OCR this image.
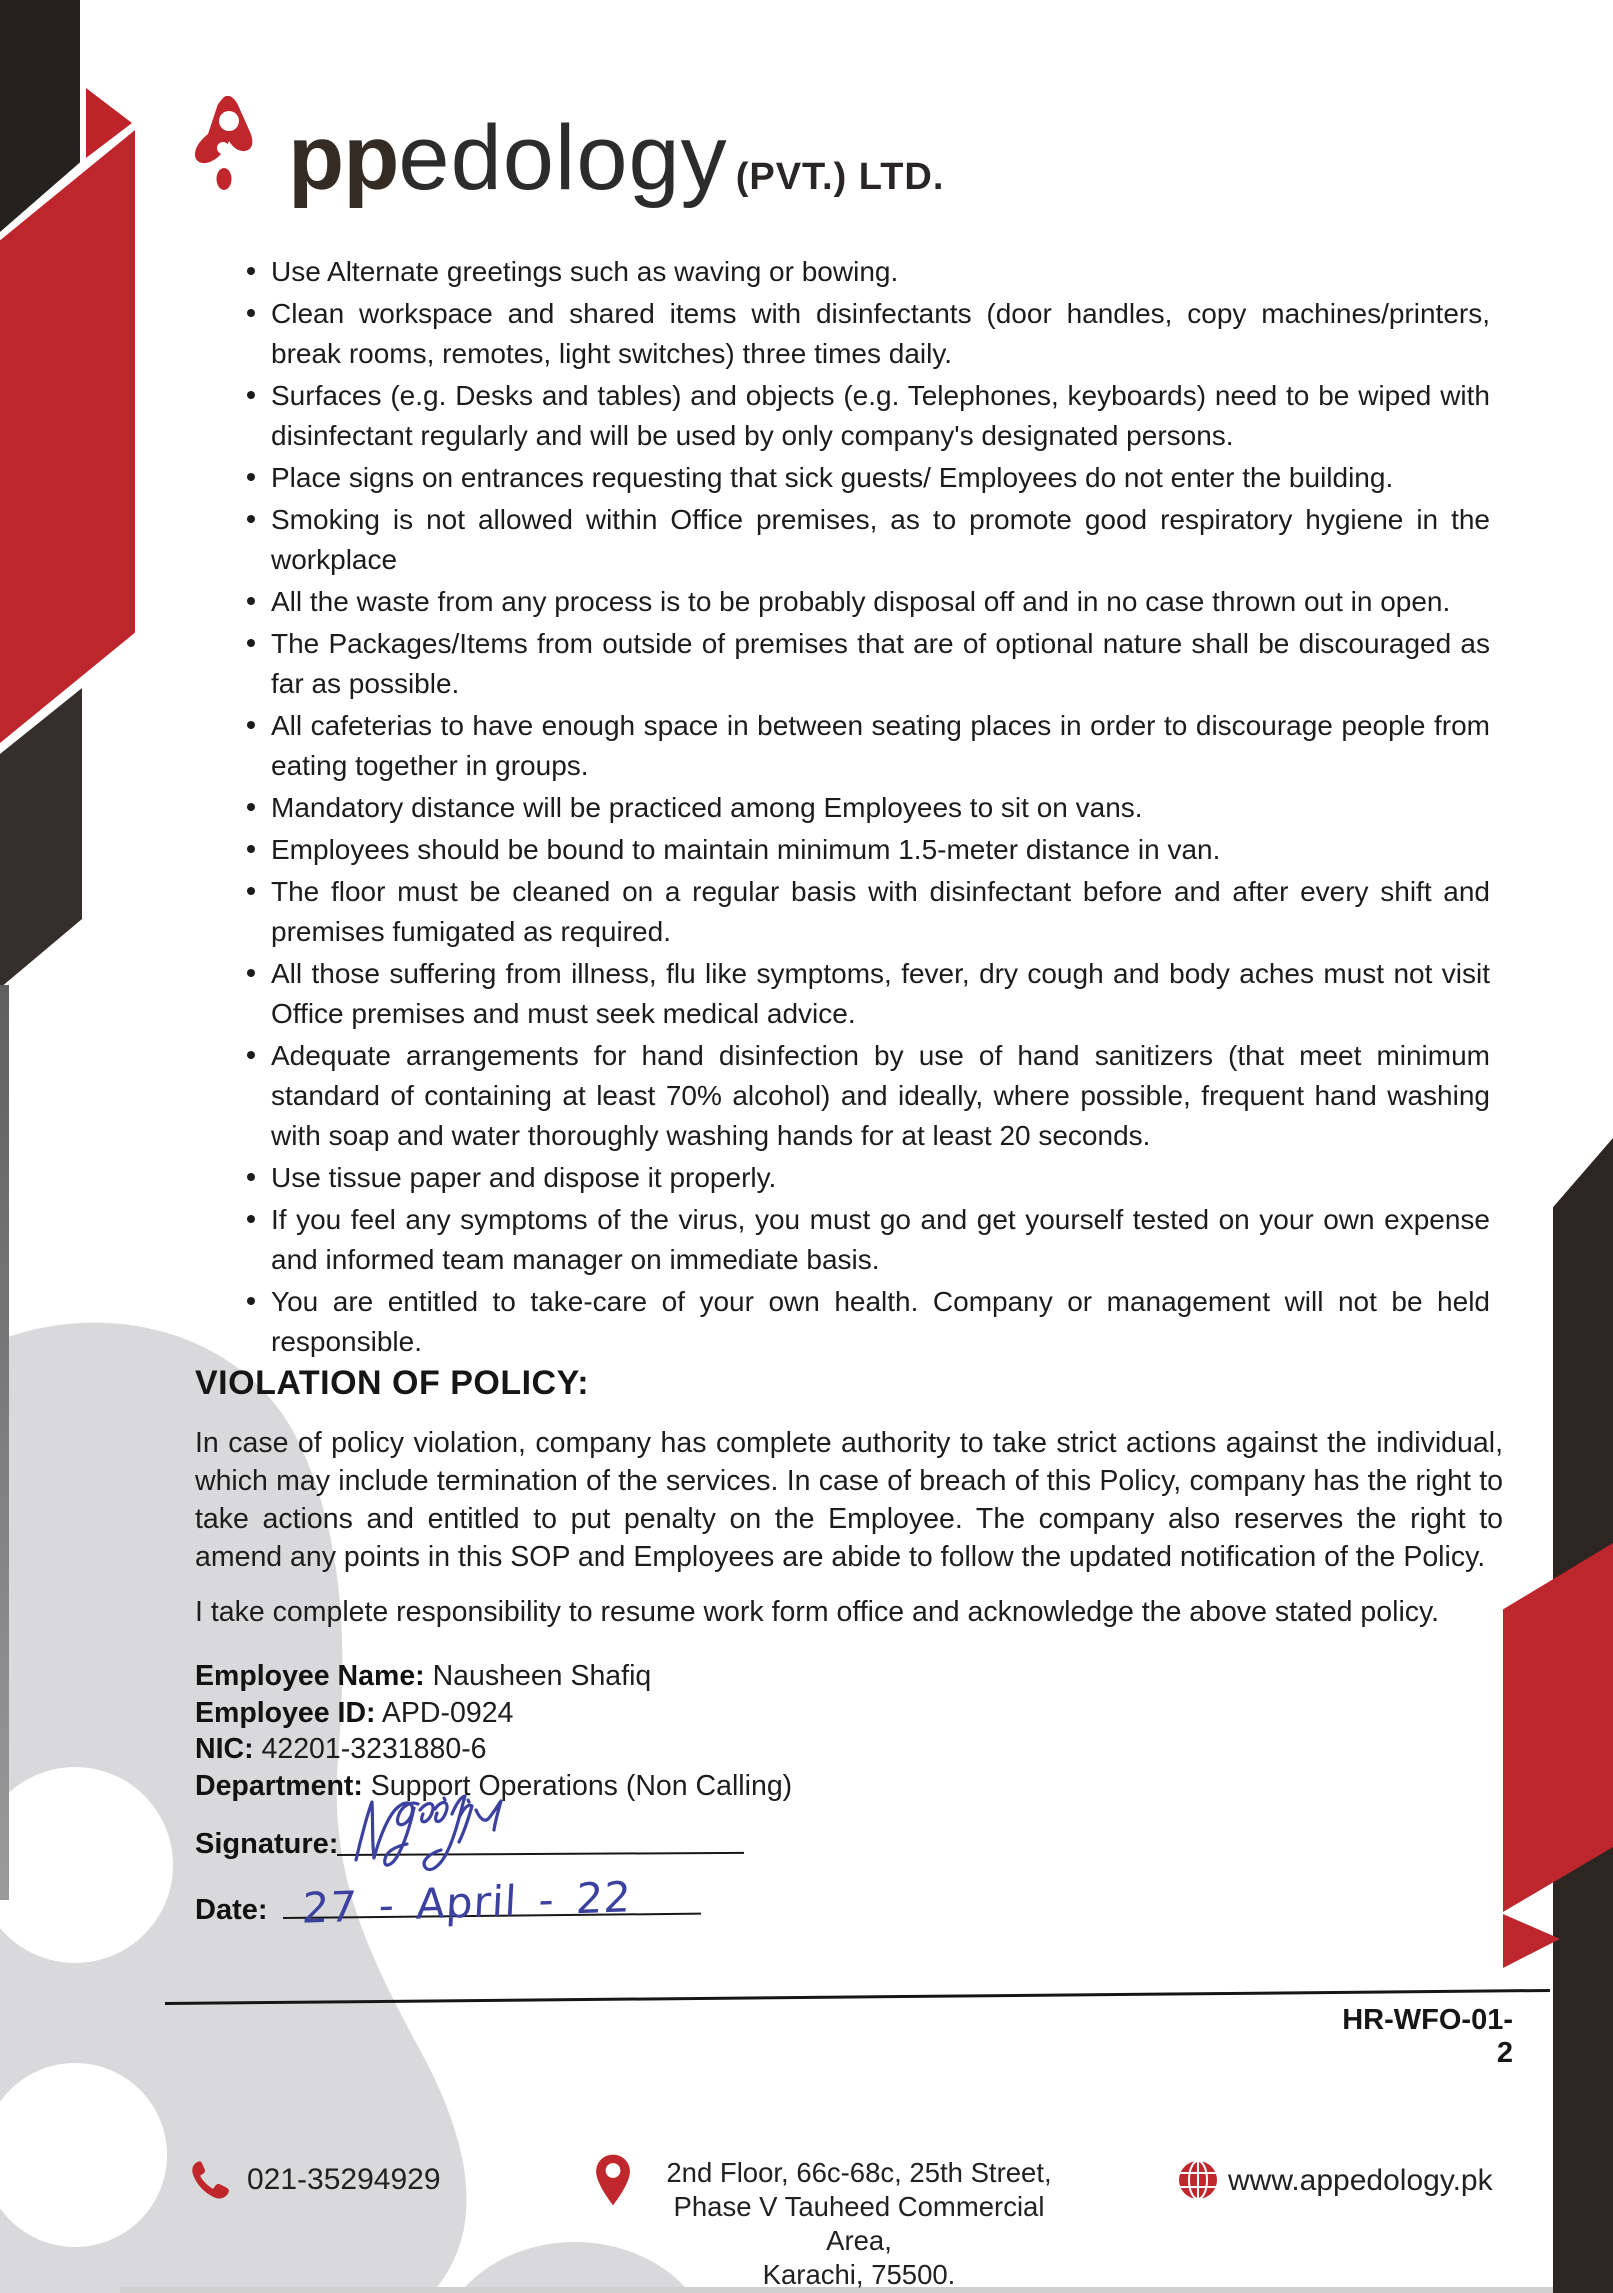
ppedology (PVT.) LTD.
Use Alternate greetings such as waving or bowing.
Clean workspace and shared items with disinfectants (door handles, copy machines/printers, break rooms, remotes, light switches) three times daily.
Surfaces (e.g. Desks and tables) and objects (e.g. Telephones, keyboards) need to be wiped with disinfectant regularly and will be used by only company's designated persons.
Place signs on entrances requesting that sick guests/ Employees do not enter the building.
Smoking is not allowed within Office premises, as to promote good respiratory hygiene in the workplace
All the waste from any process is to be probably disposal off and in no case thrown out in open.
The Packages/Items from outside of premises that are of optional nature shall be discouraged as far as possible.
All cafeterias to have enough space in between seating places in order to discourage people from eating together in groups.
Mandatory distance will be practiced among Employees to sit on vans.
Employees should be bound to maintain minimum 1.5-meter distance in van.
The floor must be cleaned on a regular basis with disinfectant before and after every shift and premises fumigated as required.
All those suffering from illness, flu like symptoms, fever, dry cough and body aches must not visit Office premises and must seek medical advice.
Adequate arrangements for hand disinfection by use of hand sanitizers (that meet minimum standard of containing at least 70% alcohol) and ideally, where possible, frequent hand washing with soap and water thoroughly washing hands for at least 20 seconds.
Use tissue paper and dispose it properly.
If you feel any symptoms of the virus, you must go and get yourself tested on your own expense and informed team manager on immediate basis.
You are entitled to take-care of your own health. Company or management will not be held responsible.
VIOLATION OF POLICY:
In case of policy violation, company has complete authority to take strict actions against the individual, which may include termination of the services. In case of breach of this Policy, company has the right to take actions and entitled to put penalty on the Employee. The company also reserves the right to amend any points in this SOP and Employees are abide to follow the updated notification of the Policy.
I take complete responsibility to resume work form office and acknowledge the above stated policy.
Employee Name: Nausheen Shafiq
Employee ID: APD-0924
NIC: 42201-3231880-6
Department: Support Operations (Non Calling)
Signature:
Date: 27 - April - 22
HR-WFO-01-2
021-35294929	2nd Floor, 66c-68c, 25th Street,
Phase V Tauheed Commercial Area,
Karachi, 75500.
www.appedology.pk
